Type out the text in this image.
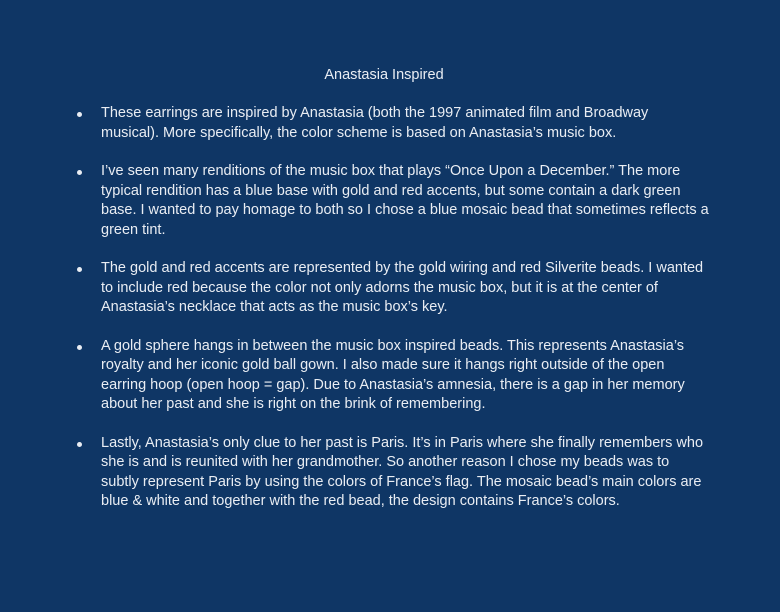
Anastasia Inspired
These earrings are inspired by Anastasia (both the 1997 animated film and Broadway
musical). More specifically, the color scheme is based on Anastasia’s music box.
I’ve seen many renditions of the music box that plays “Once Upon a December.” The more
typical rendition has a blue base with gold and red accents, but some contain a dark green
base. I wanted to pay homage to both so I chose a blue mosaic bead that sometimes reflects a
green tint.
The gold and red accents are represented by the gold wiring and red Silverite beads. I wanted
to include red because the color not only adorns the music box, but it is at the center of
Anastasia’s necklace that acts as the music box’s key.
A gold sphere hangs in between the music box inspired beads. This represents Anastasia’s
royalty and her iconic gold ball gown. I also made sure it hangs right outside of the open
earring hoop (open hoop = gap). Due to Anastasia’s amnesia, there is a gap in her memory
about her past and she is right on the brink of remembering.
Lastly, Anastasia’s only clue to her past is Paris. It’s in Paris where she finally remembers who
she is and is reunited with her grandmother. So another reason I chose my beads was to
subtly represent Paris by using the colors of France’s flag. The mosaic bead’s main colors are
blue & white and together with the red bead, the design contains France’s colors.
